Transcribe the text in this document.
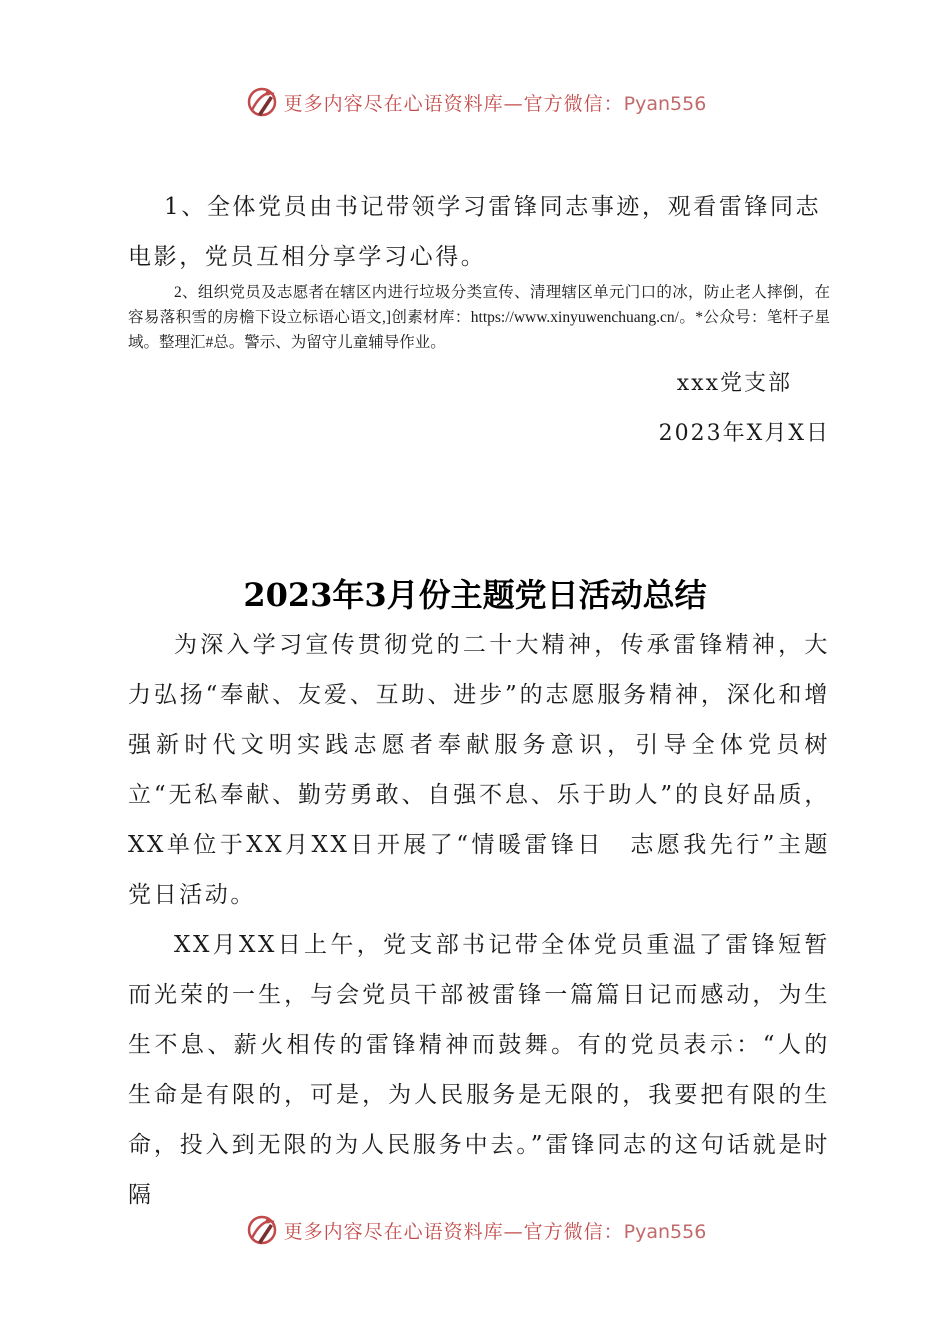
更多内容尽在心语资料库—官方微信：Pyan556

1、全体党员由书记带领学习雷锋同志事迹，观看雷锋同志

电影，党员互相分享学习心得。

2、组织党员及志愿者在辖区内进行垃圾分类宣传、清理辖区单元门口的冰，防止老人摔倒，在容易落积雪的房檐下设立标语心语文,]创素材库：https://www.xinyuwenchuang.cn/。*公众号：笔杆子星域。整理汇#总。警示、为留守儿童辅导作业。

xxx党支部
2023年X月X日
2023年3月份主题党日活动总结

为深入学习宣传贯彻党的二十大精神，传承雷锋精神，大力弘扬“奉献、友爱、互助、进步”的志愿服务精神，深化和增强新时代文明实践志愿者奉献服务意识，引导全体党员树立“无私奉献、勤劳勇敢、自强不息、乐于助人”的良好品质，XX单位于XX月XX日开展了“情暖雷锋日　志愿我先行”主题党日活动。

XX月XX日上午，党支部书记带全体党员重温了雷锋短暂而光荣的一生，与会党员干部被雷锋一篇篇日记而感动，为生生不息、薪火相传的雷锋精神而鼓舞。有的党员表示：“人的生命是有限的，可是，为人民服务是无限的，我要把有限的生命，投入到无限的为人民服务中去。”雷锋同志的这句话就是时隔

更多内容尽在心语资料库—官方微信：Pyan556
